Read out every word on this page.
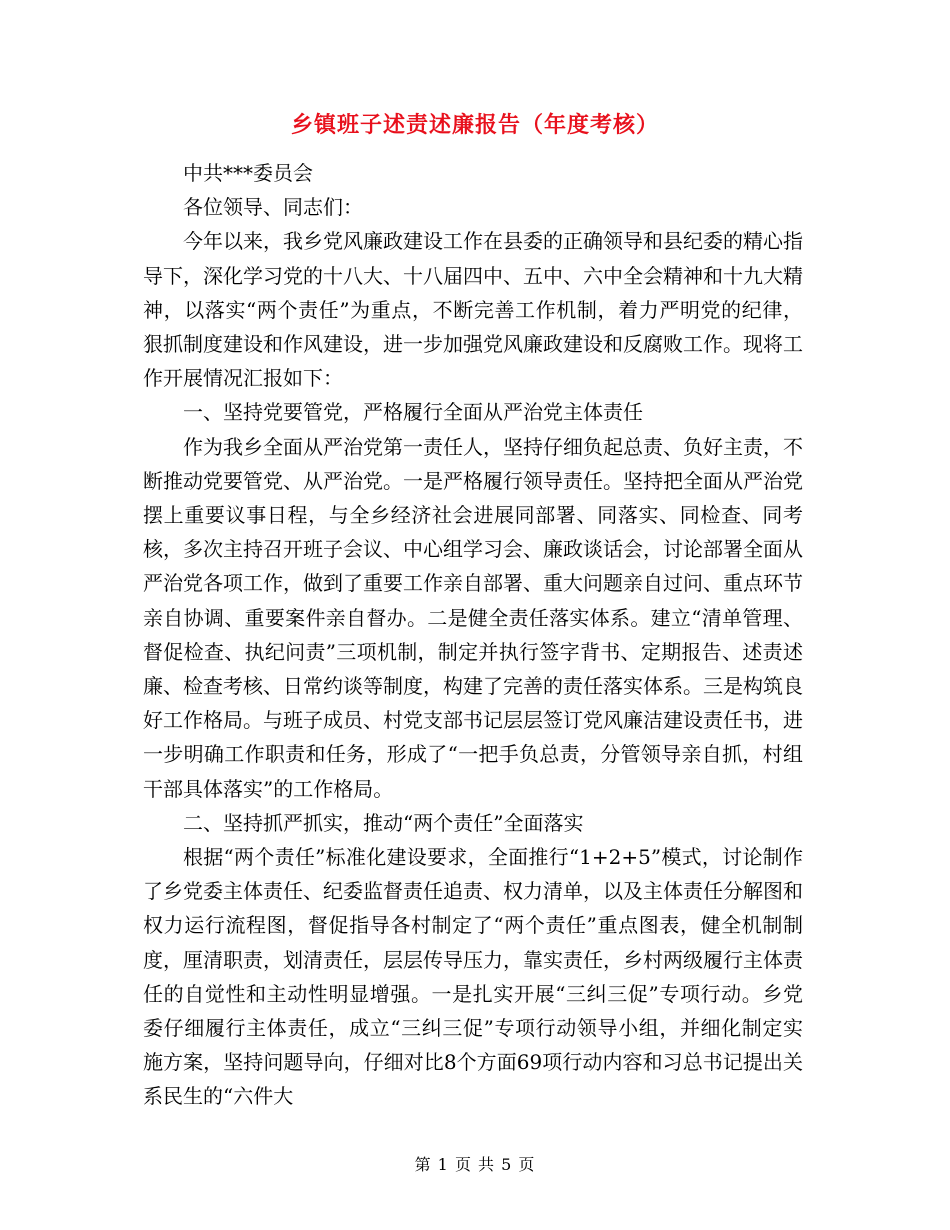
乡镇班子述责述廉报告（年度考核）

中共***委员会

各位领导、同志们：

今年以来，我乡党风廉政建设工作在县委的正确领导和县纪委的精心指导下，深化学习党的十八大、十八届四中、五中、六中全会精神和十九大精神，以落实“两个责任”为重点，不断完善工作机制，着力严明党的纪律，狠抓制度建设和作风建设，进一步加强党风廉政建设和反腐败工作。现将工作开展情况汇报如下：

一、坚持党要管党，严格履行全面从严治党主体责任

作为我乡全面从严治党第一责任人，坚持仔细负起总责、负好主责，不断推动党要管党、从严治党。一是严格履行领导责任。坚持把全面从严治党摆上重要议事日程，与全乡经济社会进展同部署、同落实、同检查、同考核，多次主持召开班子会议、中心组学习会、廉政谈话会，讨论部署全面从严治党各项工作，做到了重要工作亲自部署、重大问题亲自过问、重点环节亲自协调、重要案件亲自督办。二是健全责任落实体系。建立“清单管理、督促检查、执纪问责”三项机制，制定并执行签字背书、定期报告、述责述廉、检查考核、日常约谈等制度，构建了完善的责任落实体系。三是构筑良好工作格局。与班子成员、村党支部书记层层签订党风廉洁建设责任书，进一步明确工作职责和任务，形成了“一把手负总责，分管领导亲自抓，村组干部具体落实”的工作格局。

二、坚持抓严抓实，推动“两个责任”全面落实

根据“两个责任”标准化建设要求，全面推行“1+2+5”模式，讨论制作了乡党委主体责任、纪委监督责任追责、权力清单，以及主体责任分解图和权力运行流程图，督促指导各村制定了“两个责任”重点图表，健全机制制度，厘清职责，划清责任，层层传导压力，靠实责任，乡村两级履行主体责任的自觉性和主动性明显增强。一是扎实开展“三纠三促”专项行动。乡党委仔细履行主体责任，成立“三纠三促”专项行动领导小组，并细化制定实施方案，坚持问题导向，仔细对比8个方面69项行动内容和习总书记提出关系民生的“六件大

第 1 页 共 5 页
